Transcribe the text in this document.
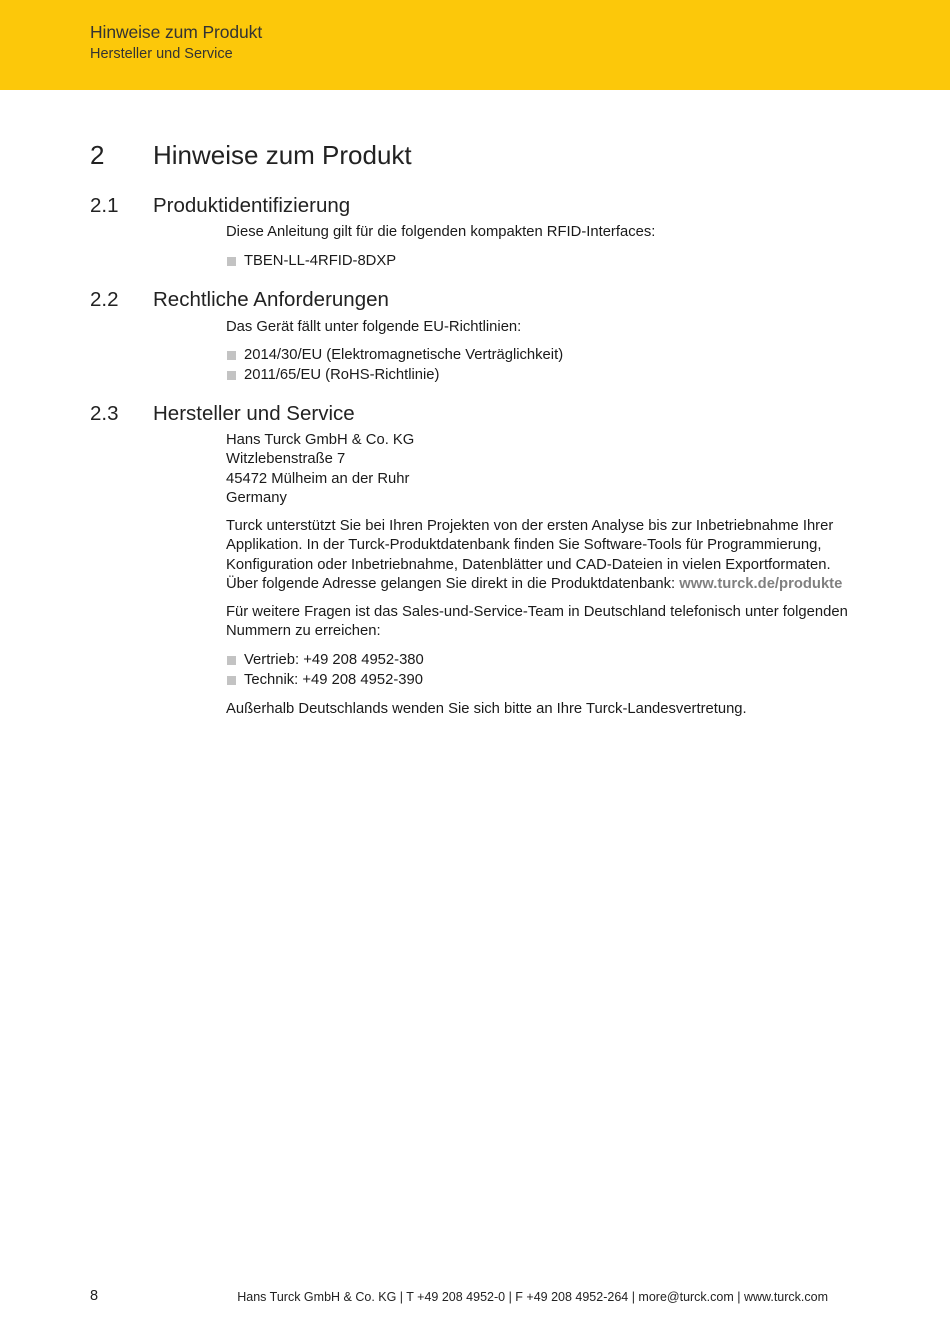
Hinweise zum Produkt
Hersteller und Service
2 Hinweise zum Produkt
2.1 Produktidentifizierung
Diese Anleitung gilt für die folgenden kompakten RFID-Interfaces:
TBEN-LL-4RFID-8DXP
2.2 Rechtliche Anforderungen
Das Gerät fällt unter folgende EU-Richtlinien:
2014/30/EU (Elektromagnetische Verträglichkeit)
2011/65/EU (RoHS-Richtlinie)
2.3 Hersteller und Service
Hans Turck GmbH & Co. KG
Witzlebenstraße 7
45472 Mülheim an der Ruhr
Germany
Turck unterstützt Sie bei Ihren Projekten von der ersten Analyse bis zur Inbetriebnahme Ihrer Applikation. In der Turck-Produktdatenbank finden Sie Software-Tools für Programmierung, Konfiguration oder Inbetriebnahme, Datenblätter und CAD-Dateien in vielen Exportformaten. Über folgende Adresse gelangen Sie direkt in die Produktdatenbank: www.turck.de/produkte
Für weitere Fragen ist das Sales-und-Service-Team in Deutschland telefonisch unter folgenden Nummern zu erreichen:
Vertrieb: +49 208 4952-380
Technik: +49 208 4952-390
Außerhalb Deutschlands wenden Sie sich bitte an Ihre Turck-Landesvertretung.
8	Hans Turck GmbH & Co. KG | T +49 208 4952-0 | F +49 208 4952-264 | more@turck.com | www.turck.com
